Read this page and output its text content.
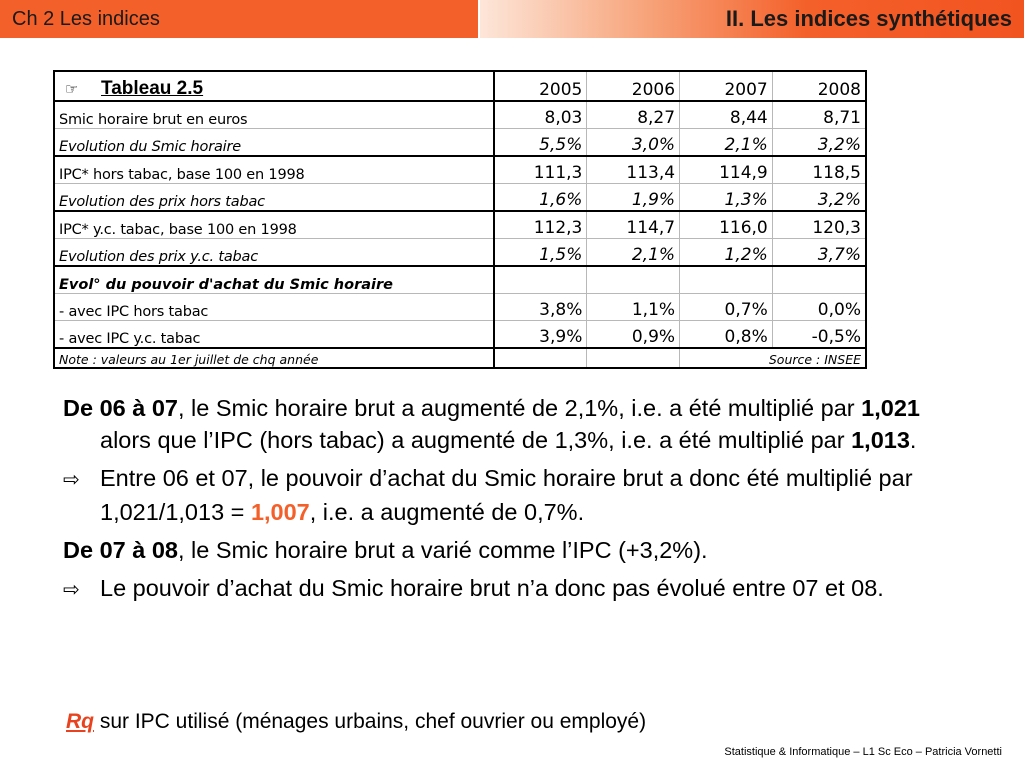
Ch 2 Les indices	II. Les indices synthétiques
☞ Tableau 2.5	2005	2006	2007	2008
Smic horaire brut en euros	8,03	8,27	8,44	8,71
Evolution du Smic horaire	5,5%	3,0%	2,1%	3,2%
IPC* hors tabac, base 100 en 1998	111,3	113,4	114,9	118,5
Evolution des prix hors tabac	1,6%	1,9%	1,3%	3,2%
IPC* y.c. tabac, base 100 en 1998	112,3	114,7	116,0	120,3
Evolution des prix y.c. tabac	1,5%	2,1%	1,2%	3,7%
Evol° du pouvoir d'achat du Smic horaire				
- avec IPC hors tabac	3,8%	1,1%	0,7%	0,0%
- avec IPC y.c. tabac	3,9%	0,9%	0,8%	-0,5%
Note : valeurs au 1er juillet de chq année			Source : INSEE	

De 06 à 07, le Smic horaire brut a augmenté de 2,1%, i.e. a été multiplié par 1,021 alors que l’IPC (hors tabac) a augmenté de 1,3%, i.e. a été multiplié par 1,013.

⇨ Entre 06 et 07, le pouvoir d’achat du Smic horaire brut a donc été multiplié par 1,021/1,013 = 1,007, i.e. a augmenté de 0,7%.

De 07 à 08, le Smic horaire brut a varié comme l’IPC (+3,2%).

⇨ Le pouvoir d’achat du Smic horaire brut n’a donc pas évolué entre 07 et 08.

Rq sur IPC utilisé (ménages urbains, chef ouvrier ou employé)
Statistique & Informatique – L1 Sc Eco – Patricia Vornetti
